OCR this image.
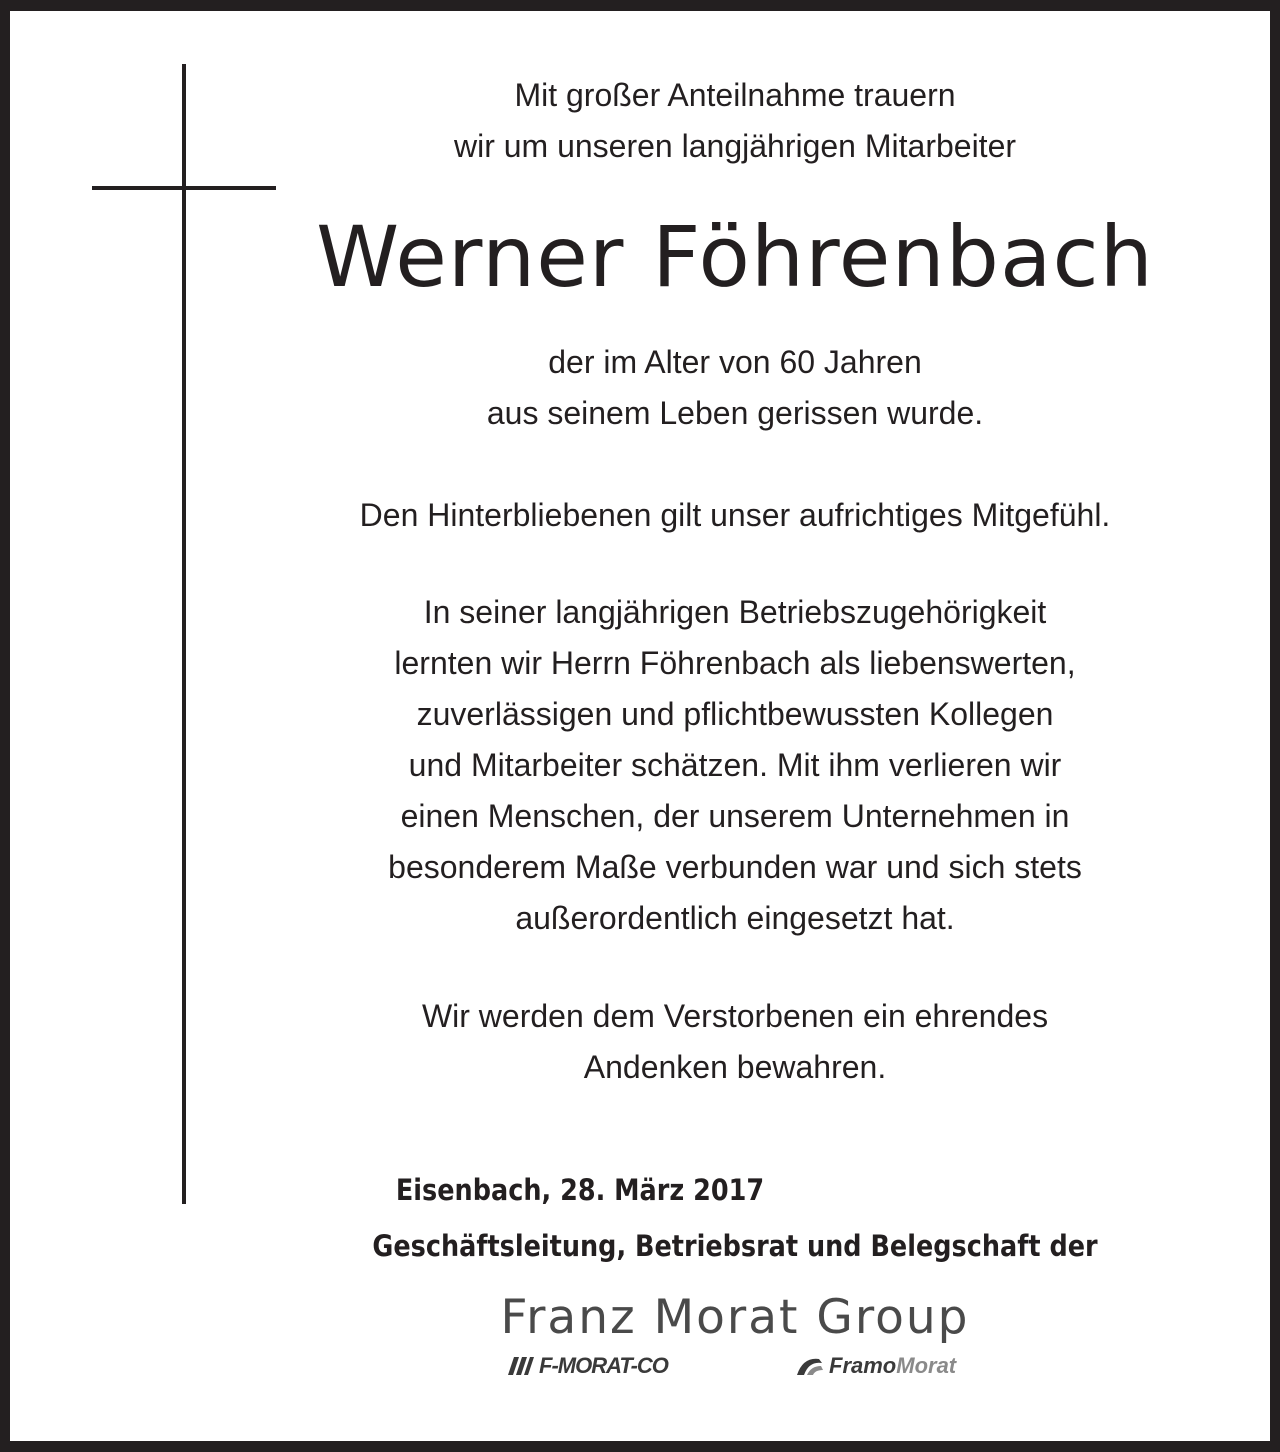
Mit großer Anteilnahme trauern
wir um unseren langjährigen Mitarbeiter
Werner Föhrenbach
der im Alter von 60 Jahren
aus seinem Leben gerissen wurde.
Den Hinterbliebenen gilt unser aufrichtiges Mitgefühl.
In seiner langjährigen Betriebszugehörigkeit
lernten wir Herrn Föhrenbach als liebenswerten,
zuverlässigen und pflichtbewussten Kollegen
und Mitarbeiter schätzen. Mit ihm verlieren wir
einen Menschen, der unserem Unternehmen in
besonderem Maße verbunden war und sich stets
außerordentlich eingesetzt hat.
Wir werden dem Verstorbenen ein ehrendes
Andenken bewahren.
Eisenbach, 28. März 2017
Geschäftsleitung, Betriebsrat und Belegschaft der
Franz Morat Group
F-MORAT-CO	Framo Morat
